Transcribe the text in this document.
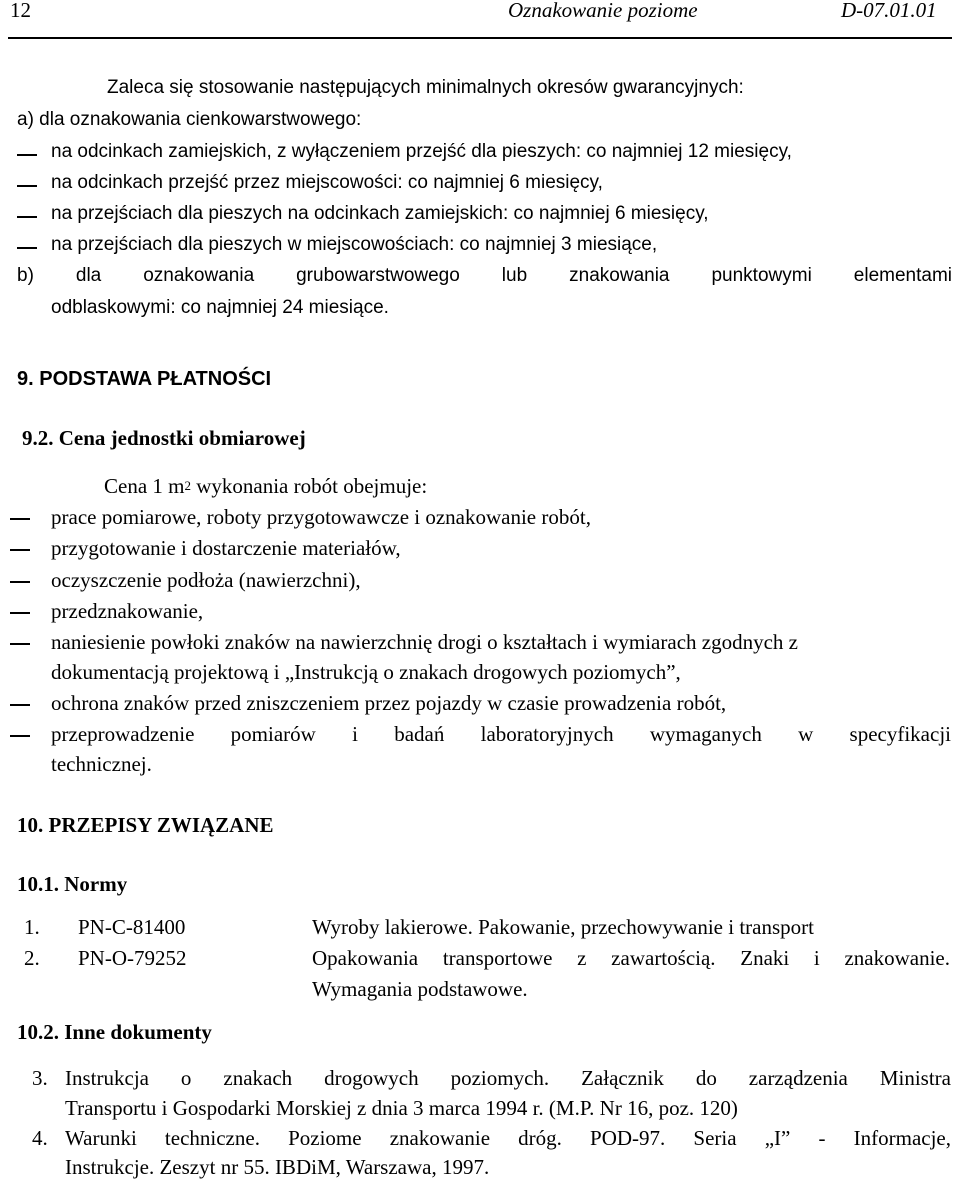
12	Oznakowanie poziome	D-07.01.01
Zaleca się stosowanie następujących minimalnych okresów gwarancyjnych:
a) dla oznakowania cienkowarstwowego:
na odcinkach zamiejskich, z wyłączeniem przejść dla pieszych: co najmniej 12 miesięcy,
na odcinkach przejść przez miejscowości: co najmniej 6 miesięcy,
na przejściach dla pieszych na odcinkach zamiejskich: co najmniej 6 miesięcy,
na przejściach dla pieszych w miejscowościach: co najmniej 3 miesiące,
b) dla oznakowania grubowarstwowego lub znakowania punktowymi elementami
odblaskowymi: co najmniej 24 miesiące.
9. PODSTAWA PŁATNOŚCI
9.2. Cena jednostki obmiarowej
Cena 1 $m^2$ wykonania robót obejmuje:
prace pomiarowe, roboty przygotowawcze i oznakowanie robót,
przygotowanie i dostarczenie materiałów,
oczyszczenie podłoża (nawierzchni),
przedznakowanie,
naniesienie powłoki znaków na nawierzchnię drogi o kształtach i wymiarach zgodnych z
dokumentacją projektową i „Instrukcją o znakach drogowych poziomych”,
ochrona znaków przed zniszczeniem przez pojazdy w czasie prowadzenia robót,
przeprowadzenie pomiarów i badań laboratoryjnych wymaganych w specyfikacji
technicznej.
10. PRZEPISY ZWIĄZANE
10.1. Normy
1. PN-C-81400	Wyroby lakierowe. Pakowanie, przechowywanie i transport
2. PN-O-79252	Opakowania transportowe z zawartością. Znaki i znakowanie.
Wymagania podstawowe.
10.2. Inne dokumenty
3. Instrukcja o znakach drogowych poziomych. Załącznik do zarządzenia Ministra
Transportu i Gospodarki Morskiej z dnia 3 marca 1994 r. (M.P. Nr 16, poz. 120)
4. Warunki techniczne. Poziome znakowanie dróg. POD-97. Seria „I” - Informacje,
Instrukcje. Zeszyt nr 55. IBDiM, Warszawa, 1997.
